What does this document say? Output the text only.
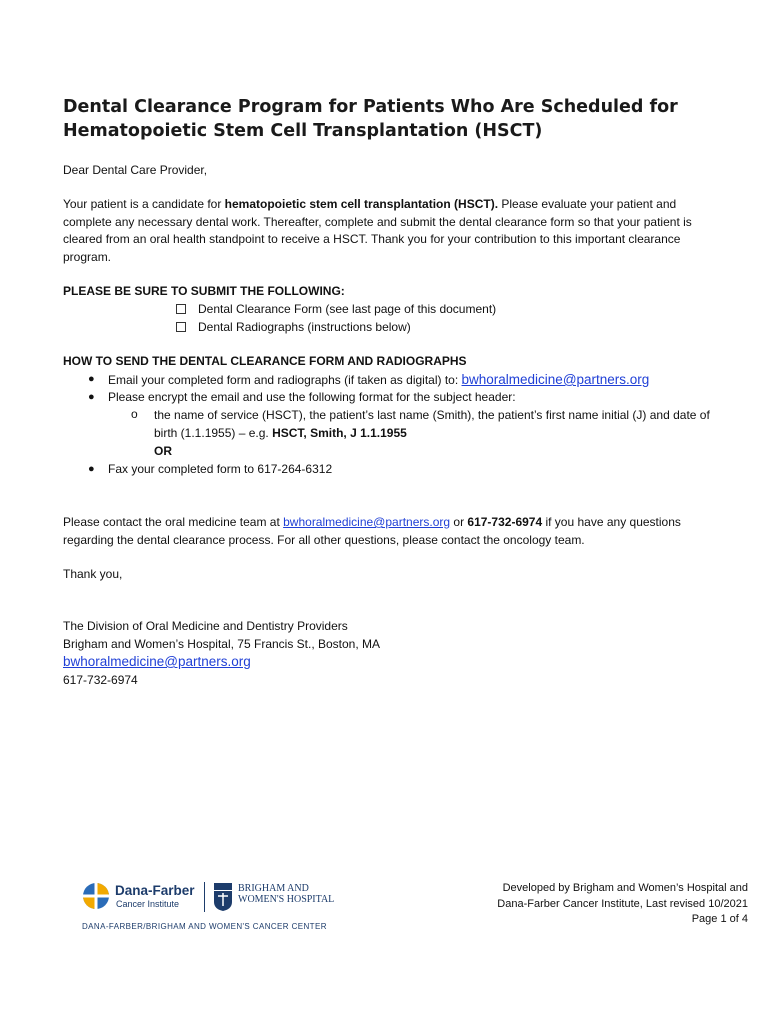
Dental Clearance Program for Patients Who Are Scheduled for
Hematopoietic Stem Cell Transplantation (HSCT)
Dear Dental Care Provider,
Your patient is a candidate for hematopoietic stem cell transplantation (HSCT). Please evaluate your patient and complete any necessary dental work. Thereafter, complete and submit the dental clearance form so that your patient is cleared from an oral health standpoint to receive a HSCT. Thank you for your contribution to this important clearance program.
PLEASE BE SURE TO SUBMIT THE FOLLOWING:
Dental Clearance Form (see last page of this document)
Dental Radiographs (instructions below)
HOW TO SEND THE DENTAL CLEARANCE FORM AND RADIOGRAPHS
● Email your completed form and radiographs (if taken as digital) to: bwhoralmedicine@partners.org
● Please encrypt the email and use the following format for the subject header:
o the name of service (HSCT), the patient’s last name (Smith), the patient’s first name initial (J) and date of birth (1.1.1955) – e.g. HSCT, Smith, J 1.1.1955
OR
● Fax your completed form to 617-264-6312
Please contact the oral medicine team at bwhoralmedicine@partners.org or 617-732-6974 if you have any questions regarding the dental clearance process. For all other questions, please contact the oncology team.
Thank you,
The Division of Oral Medicine and Dentistry Providers
Brigham and Women’s Hospital, 75 Francis St., Boston, MA
bwhoralmedicine@partners.org
617-732-6974
Dana-Farber
Cancer Institute
BRIGHAM AND
WOMEN'S HOSPITAL
DANA-FARBER/BRIGHAM AND WOMEN'S CANCER CENTER
Developed by Brigham and Women’s Hospital and
Dana-Farber Cancer Institute, Last revised 10/2021
Page 1 of 4
